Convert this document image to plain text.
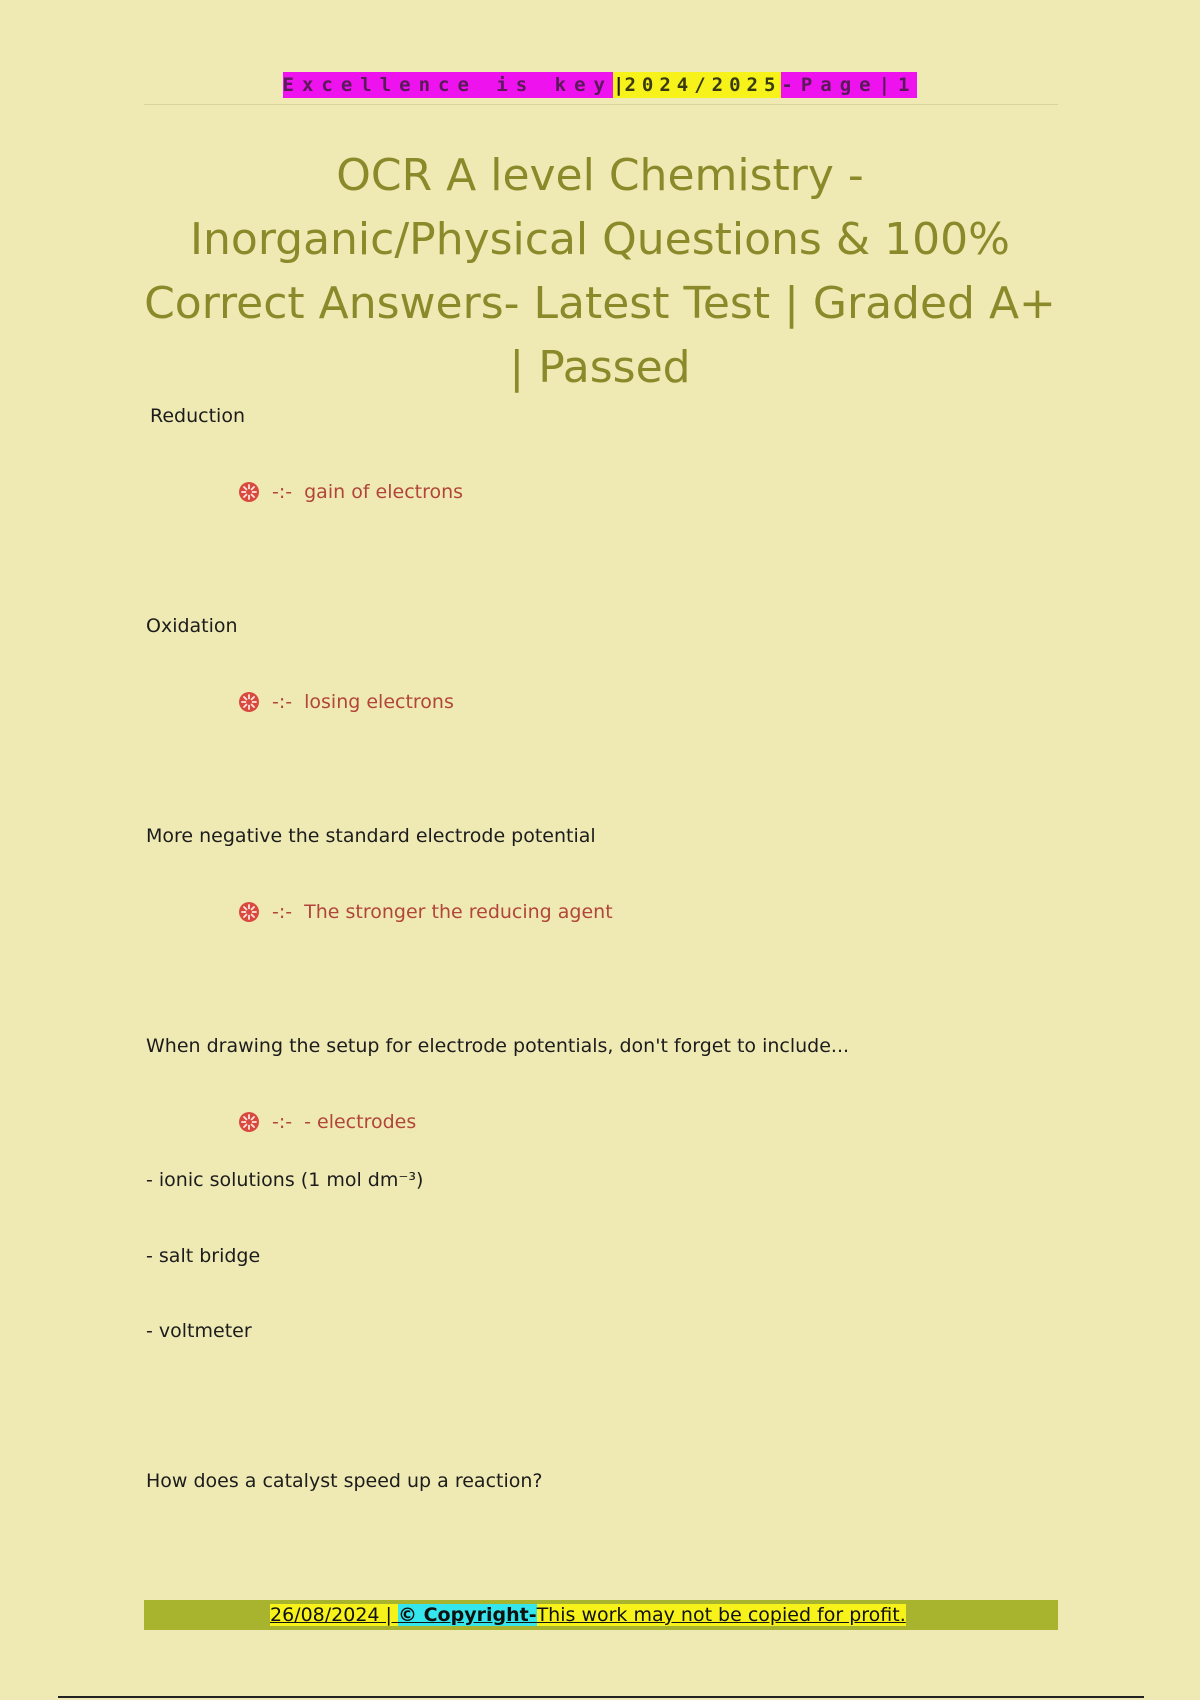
Excellence is key|2024/2025-Page|1
OCR A level Chemistry - Inorganic/Physical Questions & 100% Correct Answers- Latest Test | Graded A+ | Passed
Reduction
-:- gain of electrons
Oxidation
-:- losing electrons
More negative the standard electrode potential
-:- The stronger the reducing agent
When drawing the setup for electrode potentials, don't forget to include...
-:- - electrodes
- ionic solutions (1 mol dm⁻³)
- salt bridge
- voltmeter
How does a catalyst speed up a reaction?
26/08/2024 | © Copyright-This work may not be copied for profit.
